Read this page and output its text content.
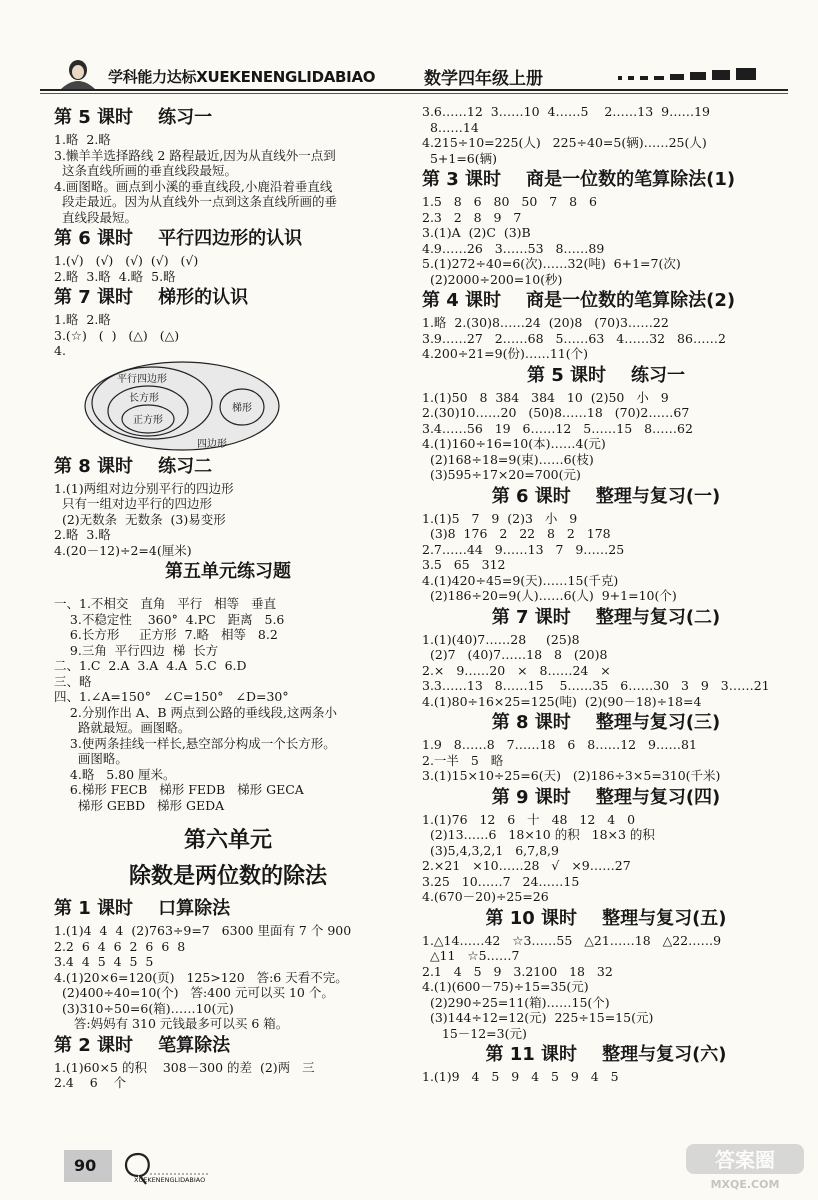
学科能力达标XUEKENENGLIDABIAO	数学四年级上册
第 5 课时    练习一
1.略  2.略
3.懒羊羊选择路线 2 路程最近,因为从直线外一点到
这条直线所画的垂直线段最短。
4.画图略。画点到小溪的垂直线段,小鹿沿着垂直线
段走最近。因为从直线外一点到这条直线所画的垂
直线段最短。
第 6 课时    平行四边形的认识
1.(√)   (√)   (√)  (√)   (√)
2.略  3.略  4.略  5.略
第 7 课时    梯形的认识
1.略  2.略
3.(☆)   (  )   (△)   (△)
4.
平行四边形
长方形
正方形
梯形
四边形
第 8 课时    练习二
1.(1)两组对边分别平行的四边形
只有一组对边平行的四边形
(2)无数条  无数条  (3)易变形
2.略  3.略
4.(20－12)÷2=4(厘米)
第五单元练习题
一、1.不相交   直角   平行   相等   垂直
3.不稳定性    360°  4.PC   距离   5.6
6.长方形     正方形  7.略   相等   8.2
9.三角  平行四边  梯  长方
二、1.C  2.A  3.A  4.A  5.C  6.D
三、略
四、1.∠A=150°   ∠C=150°   ∠D=30°
2.分别作出 A、B 两点到公路的垂线段,这两条小
路就最短。画图略。
3.使两条挂线一样长,悬空部分构成一个长方形。
画图略。
4.略   5.80 厘米。
6.梯形 FECB   梯形 FEDB   梯形 GECA
梯形 GEBD   梯形 GEDA
第六单元
除数是两位数的除法
第 1 课时    口算除法
1.(1)4  4  4  (2)763÷9=7   6300 里面有 7 个 900
2.2  6  4  6  2  6  6  8
3.4  4  5  4  5  5
4.(1)20×6=120(页)   125>120   答:6 天看不完。
(2)400÷40=10(个)   答:400 元可以买 10 个。
(3)310÷50=6(箱)……10(元)
答:妈妈有 310 元钱最多可以买 6 箱。
第 2 课时    笔算除法
1.(1)60×5 的积    308－300 的差  (2)两   三
2.4    6    个
3.6……12  3……10  4……5    2……13  9……19
8……14
4.215÷10=225(人)   225÷40=5(辆)……25(人)
5+1=6(辆)
第 3 课时    商是一位数的笔算除法(1)
1.5   8   6   80   50   7   8   6
2.3   2   8   9   7
3.(1)A  (2)C  (3)B
4.9……26   3……53   8……89
5.(1)272÷40=6(次)……32(吨)  6+1=7(次)
(2)2000÷200=10(秒)
第 4 课时    商是一位数的笔算除法(2)
1.略  2.(30)8……24  (20)8   (70)3……22
3.9……27   2……68   5……63   4……32   86……2
4.200÷21=9(份)……11(个)
第 5 课时    练习一
1.(1)50   8  384   384   10  (2)50   小   9
2.(30)10……20   (50)8……18   (70)2……67
3.4……56   19   6……12   5……15   8……62
4.(1)160÷16=10(本)……4(元)
(2)168÷18=9(束)……6(枝)
(3)595÷17×20=700(元)
第 6 课时    整理与复习(一)
1.(1)5   7   9  (2)3   小   9
(3)8  176   2   22   8   2   178
2.7……44   9……13   7   9……25
3.5   65   312
4.(1)420÷45=9(天)……15(千克)
(2)186÷20=9(人)……6(人)  9+1=10(个)
第 7 课时    整理与复习(二)
1.(1)(40)7……28     (25)8
(2)7   (40)7……18   8   (20)8
2.×   9……20   ×   8……24   ×
3.3……13   8……15    5……35   6……30   3   9   3……21
4.(1)80÷16×25=125(吨)  (2)(90－18)÷18=4
第 8 课时    整理与复习(三)
1.9   8……8   7……18   6   8……12   9……81
2.一半   5   略
3.(1)15×10÷25=6(天)   (2)186÷3×5=310(千米)
第 9 课时    整理与复习(四)
1.(1)76   12   6   十   48   12   4   0
(2)13……6   18×10 的积   18×3 的积
(3)5,4,3,2,1   6,7,8,9
2.×21   ×10……28   √   ×9……27
3.25   10……7   24……15
4.(670－20)÷25=26
第 10 课时    整理与复习(五)
1.△14……42   ☆3……55   △21……18   △22……9
△11   ☆5……7
2.1   4   5   9   3.2100   18   32
4.(1)(600－75)÷15=35(元)
(2)290÷25=11(箱)……15(个)
(3)144÷12=12(元)  225÷15=15(元)
15－12=3(元)
第 11 课时    整理与复习(六)
1.(1)9   4   5   9   4   5   9   4   5
90
XUEKENENGLIDABIAO
答案圈
MXQE.COM
